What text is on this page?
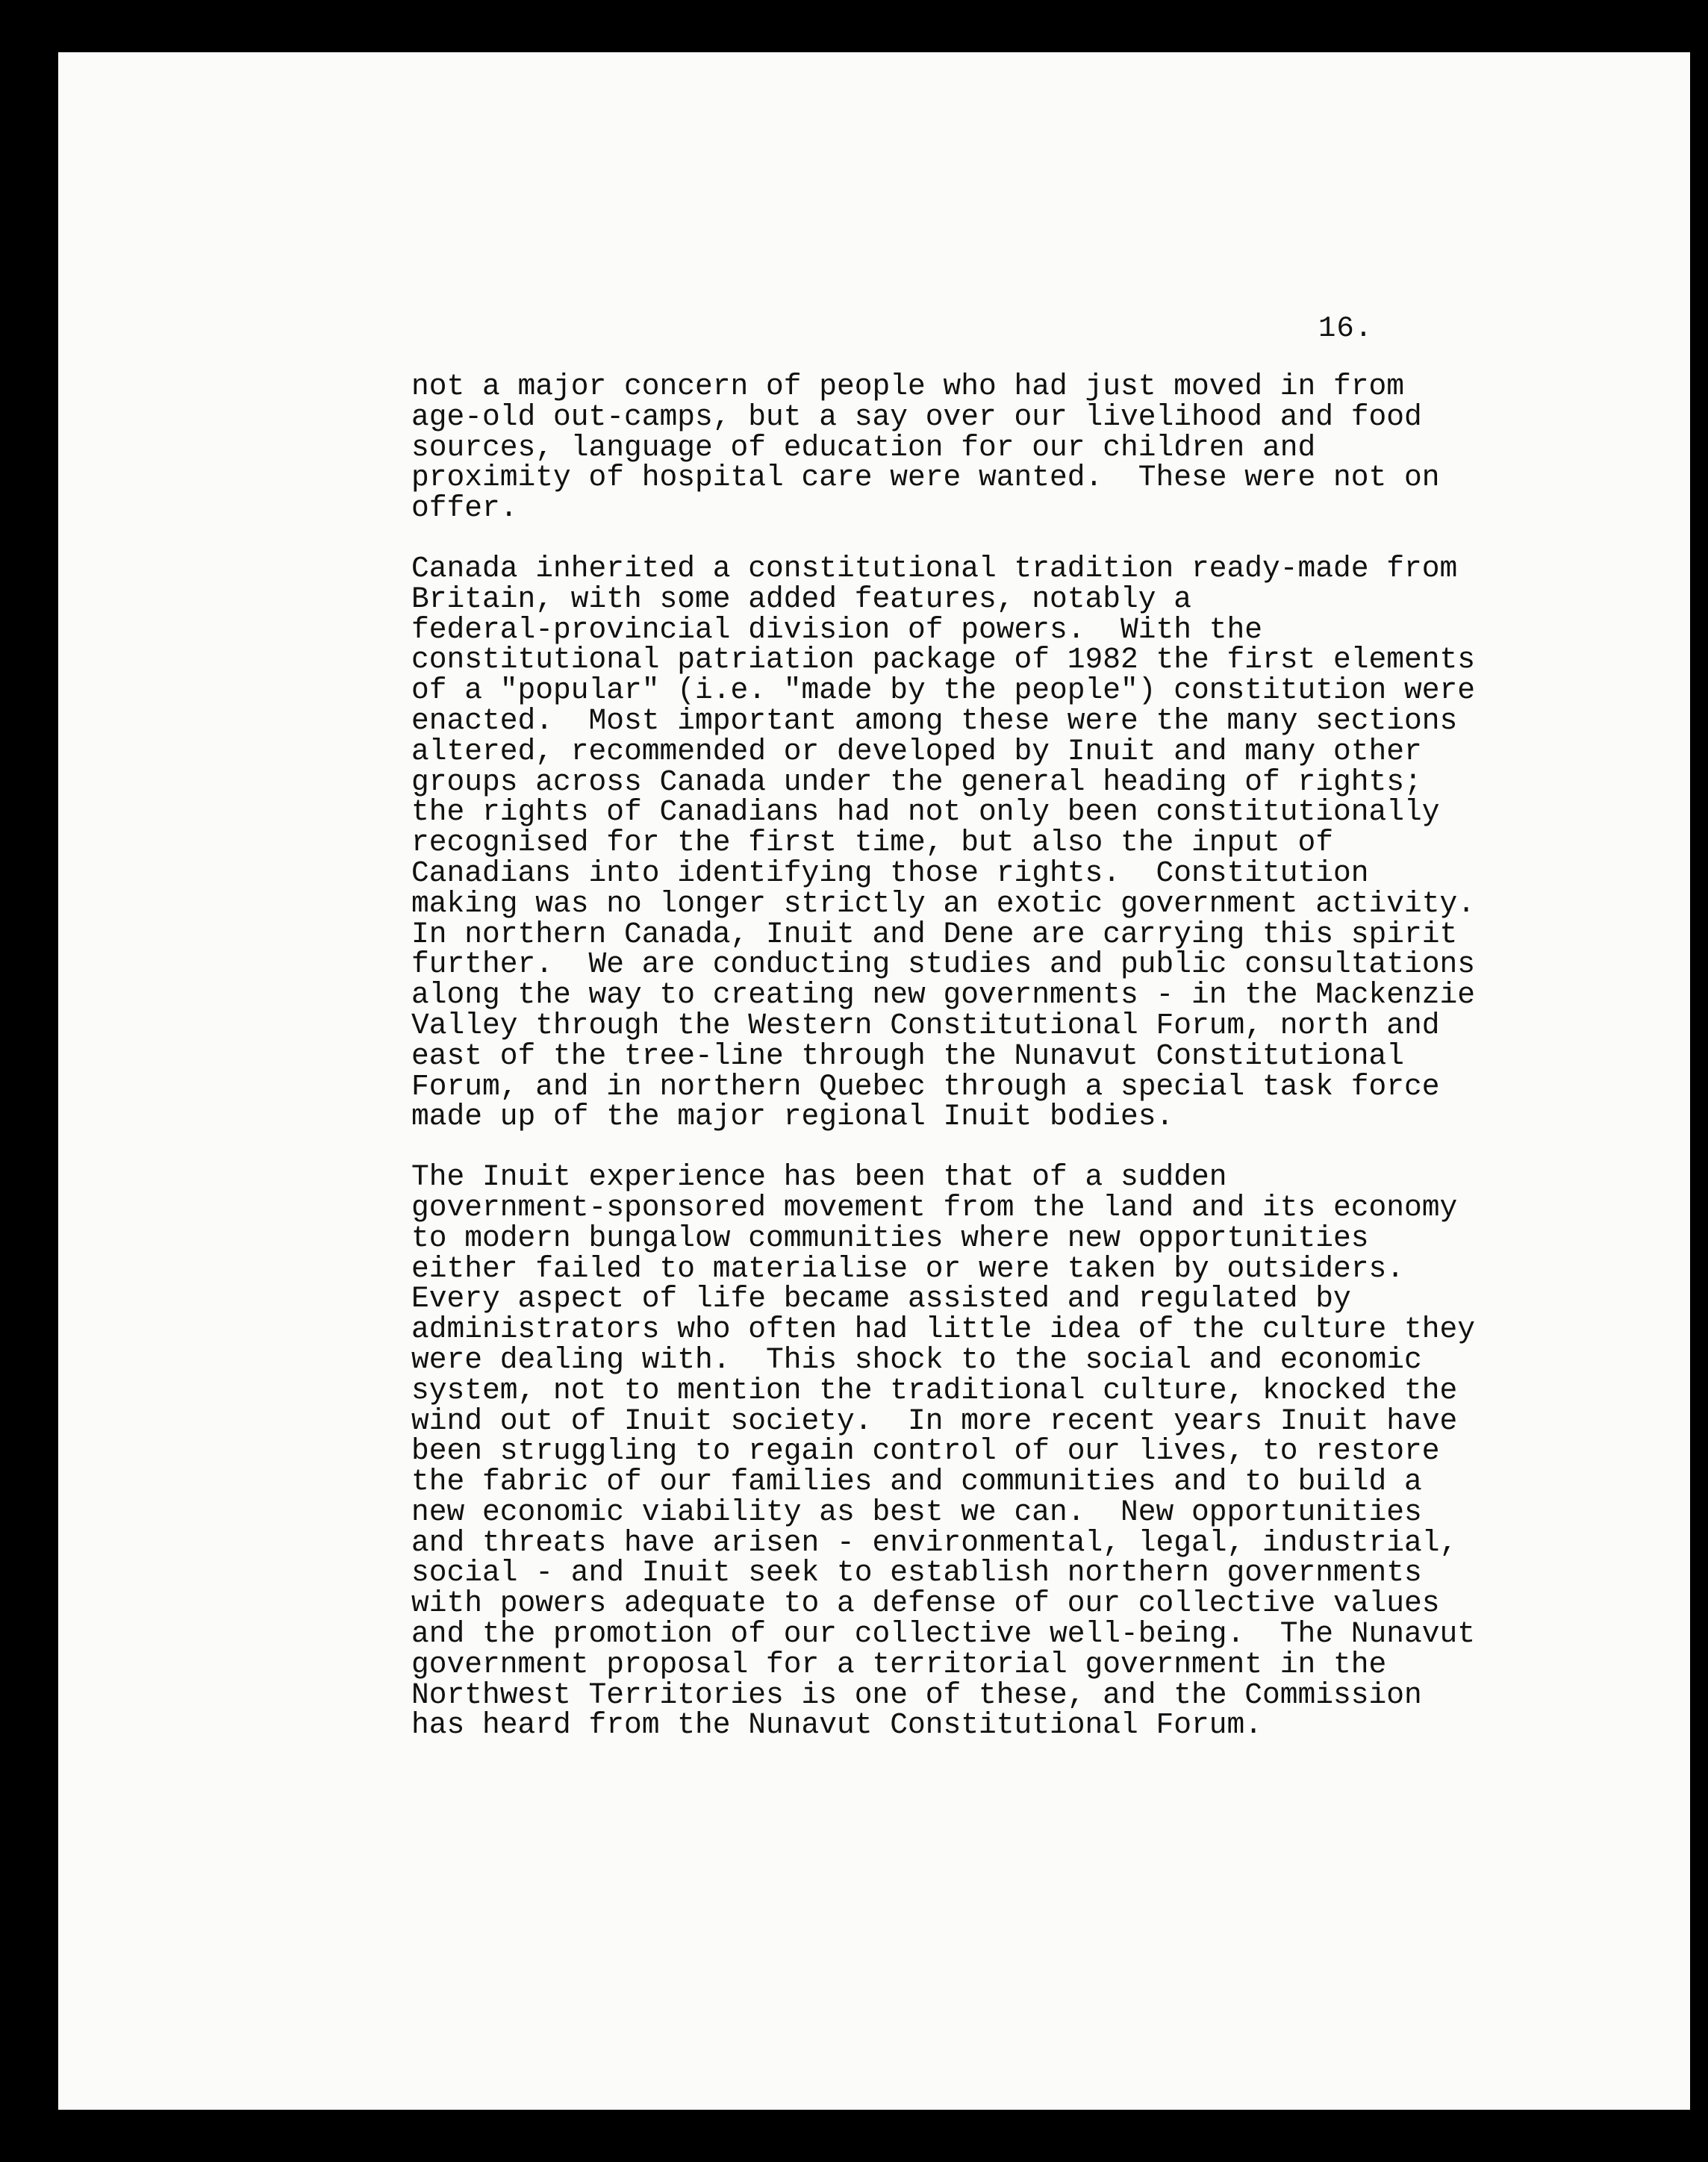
16.
not a major concern of people who had just moved in from
age-old out-camps, but a say over our livelihood and food
sources, language of education for our children and
proximity of hospital care were wanted.  These were not on
offer.
Canada inherited a constitutional tradition ready-made from
Britain, with some added features, notably a
federal-provincial division of powers.  With the
constitutional patriation package of 1982 the first elements
of a "popular" (i.e. "made by the people") constitution were
enacted.  Most important among these were the many sections
altered, recommended or developed by Inuit and many other
groups across Canada under the general heading of rights;
the rights of Canadians had not only been constitutionally
recognised for the first time, but also the input of
Canadians into identifying those rights.  Constitution
making was no longer strictly an exotic government activity.
In northern Canada, Inuit and Dene are carrying this spirit
further.  We are conducting studies and public consultations
along the way to creating new governments - in the Mackenzie
Valley through the Western Constitutional Forum, north and
east of the tree-line through the Nunavut Constitutional
Forum, and in northern Quebec through a special task force
made up of the major regional Inuit bodies.
The Inuit experience has been that of a sudden
government-sponsored movement from the land and its economy
to modern bungalow communities where new opportunities
either failed to materialise or were taken by outsiders.
Every aspect of life became assisted and regulated by
administrators who often had little idea of the culture they
were dealing with.  This shock to the social and economic
system, not to mention the traditional culture, knocked the
wind out of Inuit society.  In more recent years Inuit have
been struggling to regain control of our lives, to restore
the fabric of our families and communities and to build a
new economic viability as best we can.  New opportunities
and threats have arisen - environmental, legal, industrial,
social - and Inuit seek to establish northern governments
with powers adequate to a defense of our collective values
and the promotion of our collective well-being.  The Nunavut
government proposal for a territorial government in the
Northwest Territories is one of these, and the Commission
has heard from the Nunavut Constitutional Forum.
